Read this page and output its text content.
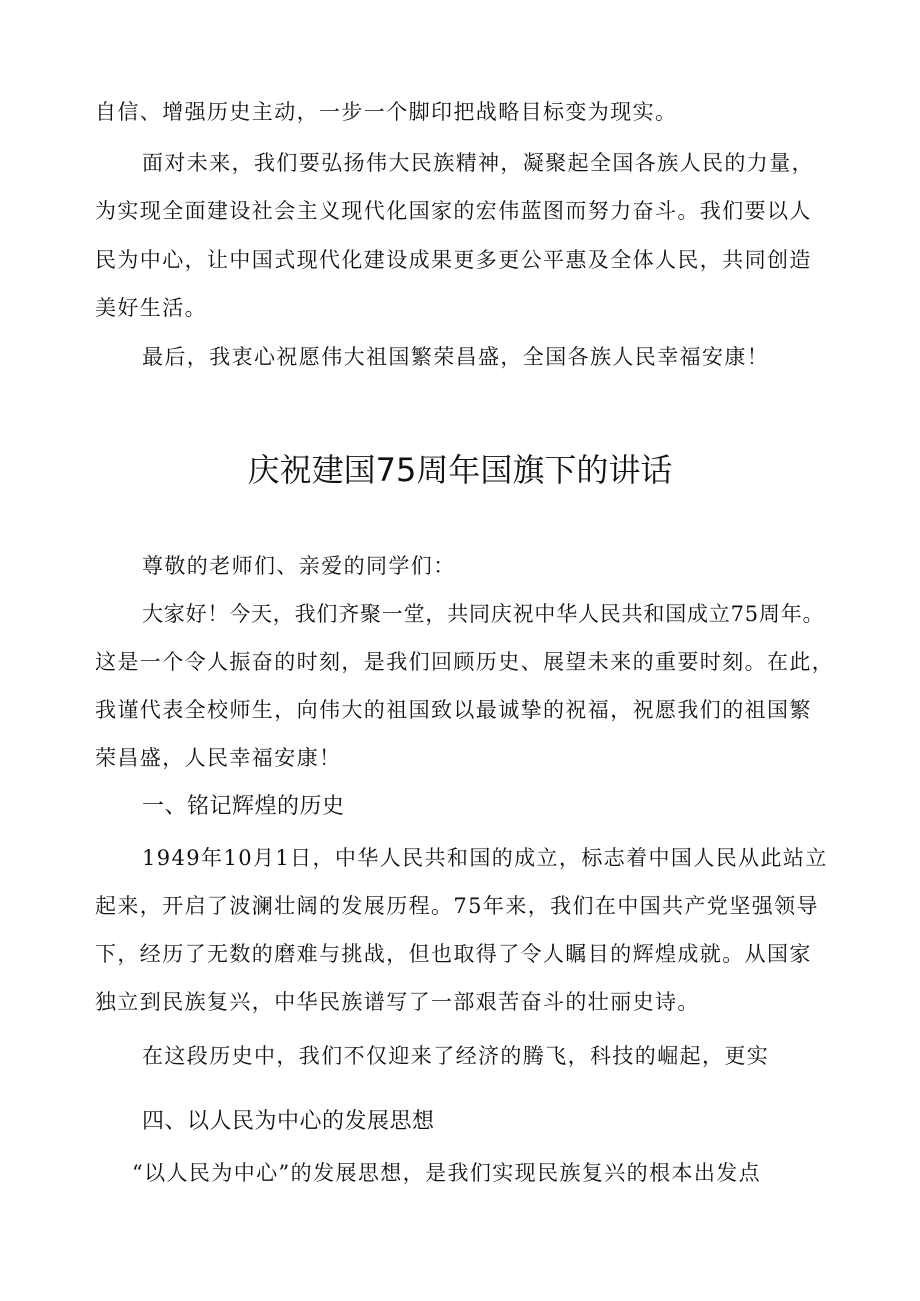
自信、增强历史主动，一步一个脚印把战略目标变为现实。
面对未来，我们要弘扬伟大民族精神，凝聚起全国各族人民的力量，
为实现全面建设社会主义现代化国家的宏伟蓝图而努力奋斗。我们要以人
民为中心，让中国式现代化建设成果更多更公平惠及全体人民，共同创造
美好生活。
最后，我衷心祝愿伟大祖国繁荣昌盛，全国各族人民幸福安康！
庆祝建国75周年国旗下的讲话
尊敬的老师们、亲爱的同学们：
大家好！今天，我们齐聚一堂，共同庆祝中华人民共和国成立75周年。
这是一个令人振奋的时刻，是我们回顾历史、展望未来的重要时刻。在此，
我谨代表全校师生，向伟大的祖国致以最诚挚的祝福，祝愿我们的祖国繁
荣昌盛，人民幸福安康！
一、铭记辉煌的历史
1949年10月1日，中华人民共和国的成立，标志着中国人民从此站立
起来，开启了波澜壮阔的发展历程。75年来，我们在中国共产党坚强领导
下，经历了无数的磨难与挑战，但也取得了令人瞩目的辉煌成就。从国家
独立到民族复兴，中华民族谱写了一部艰苦奋斗的壮丽史诗。
在这段历史中，我们不仅迎来了经济的腾飞，科技的崛起，更实
四、以人民为中心的发展思想
“以人民为中心”的发展思想，是我们实现民族复兴的根本出发点
